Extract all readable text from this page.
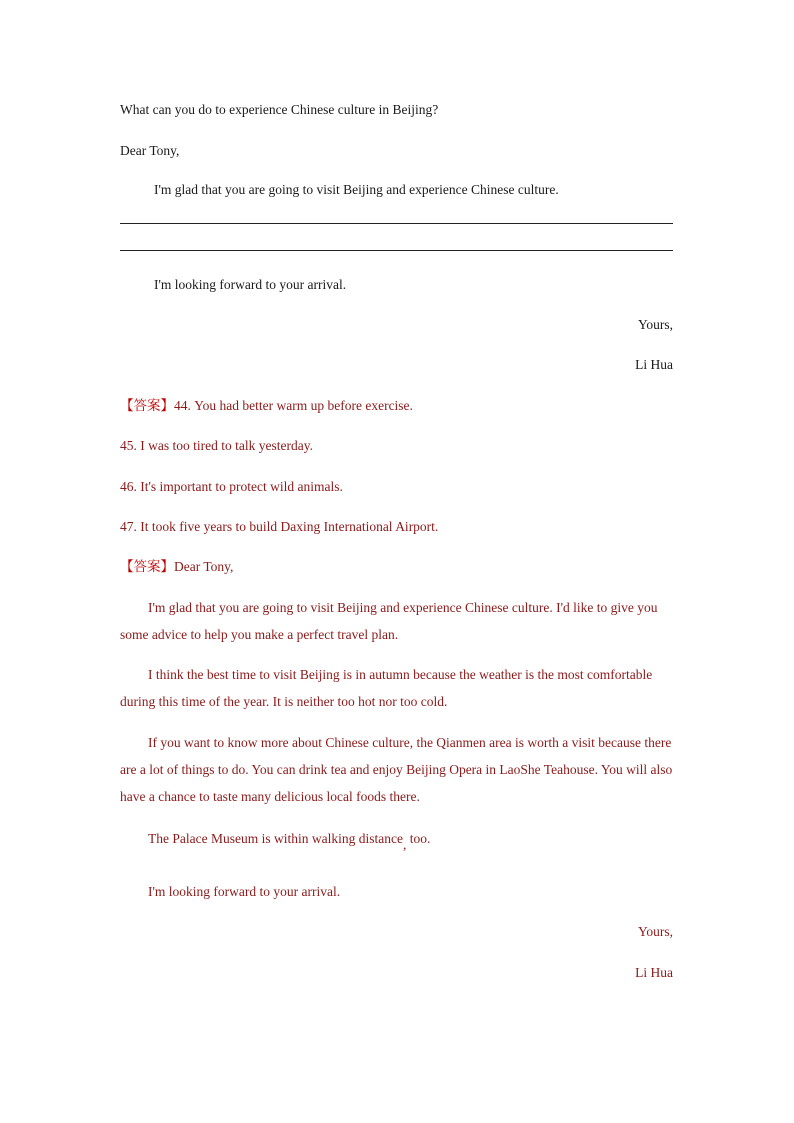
What can you do to experience Chinese culture in Beijing?
Dear Tony,
I'm glad that you are going to visit Beijing and experience Chinese culture.
I'm looking forward to your arrival.
Yours,
Li Hua
【答案】44. You had better warm up before exercise.
45. I was too tired to talk yesterday.
46. It's important to protect wild animals.
47. It took five years to build Daxing International Airport.
【答案】Dear Tony,
I'm glad that you are going to visit Beijing and experience Chinese culture. I'd like to give you some advice to help you make a perfect travel plan.
I think the best time to visit Beijing is in autumn because the weather is the most comfortable during this time of the year. It is neither too hot nor too cold.
If you want to know more about Chinese culture, the Qianmen area is worth a visit because there are a lot of things to do. You can drink tea and enjoy Beijing Opera in LaoShe Teahouse. You will also have a chance to taste many delicious local foods there.
The Palace Museum is within walking distance, too.
I'm looking forward to your arrival.
Yours,
Li Hua
